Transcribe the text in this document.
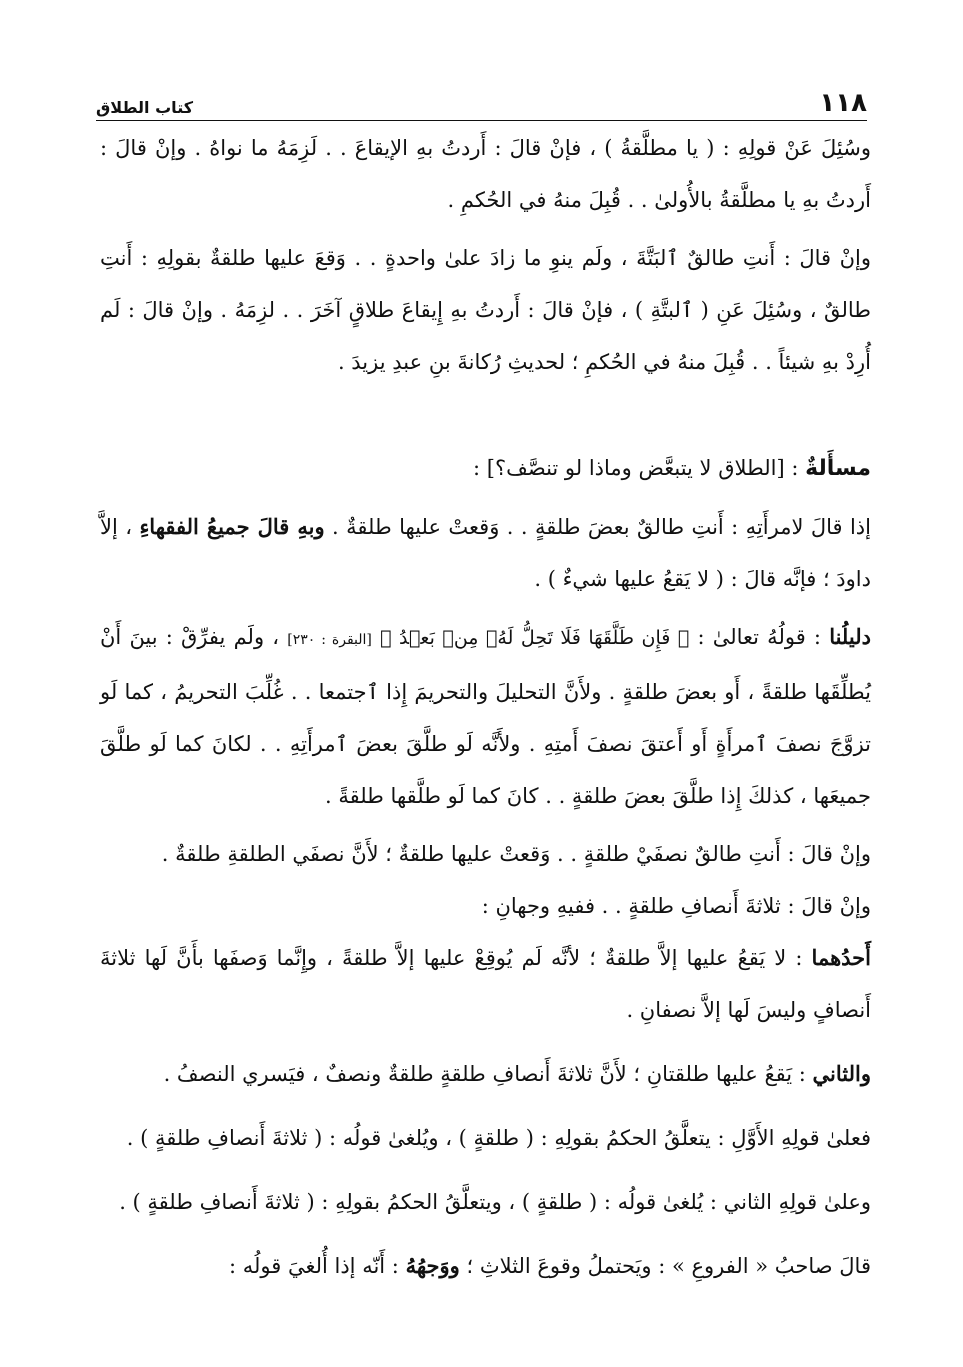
١١٨
كتاب الطلاق

وسُئِلَ عَنْ قولِهِ : ( يا مطلَّقةُ ) ، فإنْ قالَ : أَردتُ بهِ الإيقاعَ . . لَزِمَهُ ما نواهُ . وإنْ قالَ : أَردتُ بهِ يا مطلَّقةُ بالأُولىٰ . . قُبِلَ منهُ في الحُكمِ .

وإنْ قالَ : أَنتِ طالقٌ ٱلبَتَّةَ ، ولَم ينوِ ما زادَ علىٰ واحدةٍ . . وَقعَ عليها طلقةٌ بقولِهِ : أَنتِ طالقٌ ، وسُئِلَ عَنِ ( ٱلبتَّةِ ) ، فإنْ قالَ : أَردتُ بهِ إِيقاعَ طلاقٍ آخَرَ . . لزِمَهُ . وإنْ قالَ : لَم أُرِدْ بهِ شيئاً . . قُبِلَ منهُ في الحُكمِ ؛ لحديثِ رُكانةَ بنِ عبدِ يزيدَ .

مسأَلةٌ : [الطلاق لا يتبعَّض وماذا لو تنصَّف؟] :

إذا قالَ لامرأَتِهِ : أَنتِ طالقٌ بعضَ طلقةٍ . . وَقعتْ عليها طلقةٌ . وبهِ قالَ جميعُ الفقهاءِ ، إلاَّ داودَ ؛ فإنَّه قالَ : ( لا يَقعُ عليها شيءٌ ) .

دليلُنا : قولُهُ تعالىٰ : ﴿ فَإِن طَلَّقَهَا فَلَا تَحِلُّ لَهُۥ مِنۢ بَعۡدُ ﴾ [البقرة : ٢٣٠] ، ولَم يفرِّقْ : بينَ أَنْ يُطلِّقَها طلقةً ، أَو بعضَ طلقةٍ . ولأَنَّ التحليلَ والتحريمَ إِذا ٱجتمعا . . غُلِّبَ التحريمُ ، كما لَو تزوَّجَ نصفَ ٱمرأَةٍ أَو أَعتقَ نصفَ أَمتِهِ . ولأَنَّه لَو طلَّقَ بعضَ ٱمرأَتِهِ . . لكانَ كما لَو طلَّقَ جميعَها ، كذلكَ إِذا طلَّقَ بعضَ طلقةٍ . . كانَ كما لَو طلَّقها طلقةً .

وإنْ قالَ : أَنتِ طالقٌ نصفَيْ طلقةٍ . . وَقعتْ عليها طلقةٌ ؛ لأَنَّ نصفَي الطلقةِ طلقةٌ .

وإنْ قالَ : ثلاثةَ أَنصافِ طلقةٍ . . ففيهِ وجهانِ :

أَحدُهما : لا يَقعُ عليها إلاَّ طلقةٌ ؛ لأنَّه لَم يُوقِعْ عليها إلاَّ طلقةً ، وإِنَّما وَصفَها بأَنَّ لَها ثلاثةَ أَنصافٍ وليسَ لَها إلاَّ نصفانِ .

والثاني : يَقعُ عليها طلقتانِ ؛ لأَنَّ ثلاثةَ أَنصافِ طلقةٍ طلقةٌ ونصفٌ ، فيَسري النصفُ .

فعلىٰ قولِهِ الأَوَّلِ : يتعلَّقُ الحكمُ بقولِهِ : ( طلقةٍ ) ، ويُلغىٰ قولُه : ( ثلاثةَ أَنصافِ طلقةٍ ) .

وعلىٰ قولِهِ الثاني : يُلغىٰ قولُه : ( طلقةٍ ) ، ويتعلَّقُ الحكمُ بقولِهِ : ( ثلاثةَ أَنصافِ طلقةٍ ) .

قالَ صاحبُ « الفروعِ » : ويَحتملُ وقوعَ الثلاثِ ؛ ووَجهُهُ : أَنّه إذا أُلغيَ قولُه :
